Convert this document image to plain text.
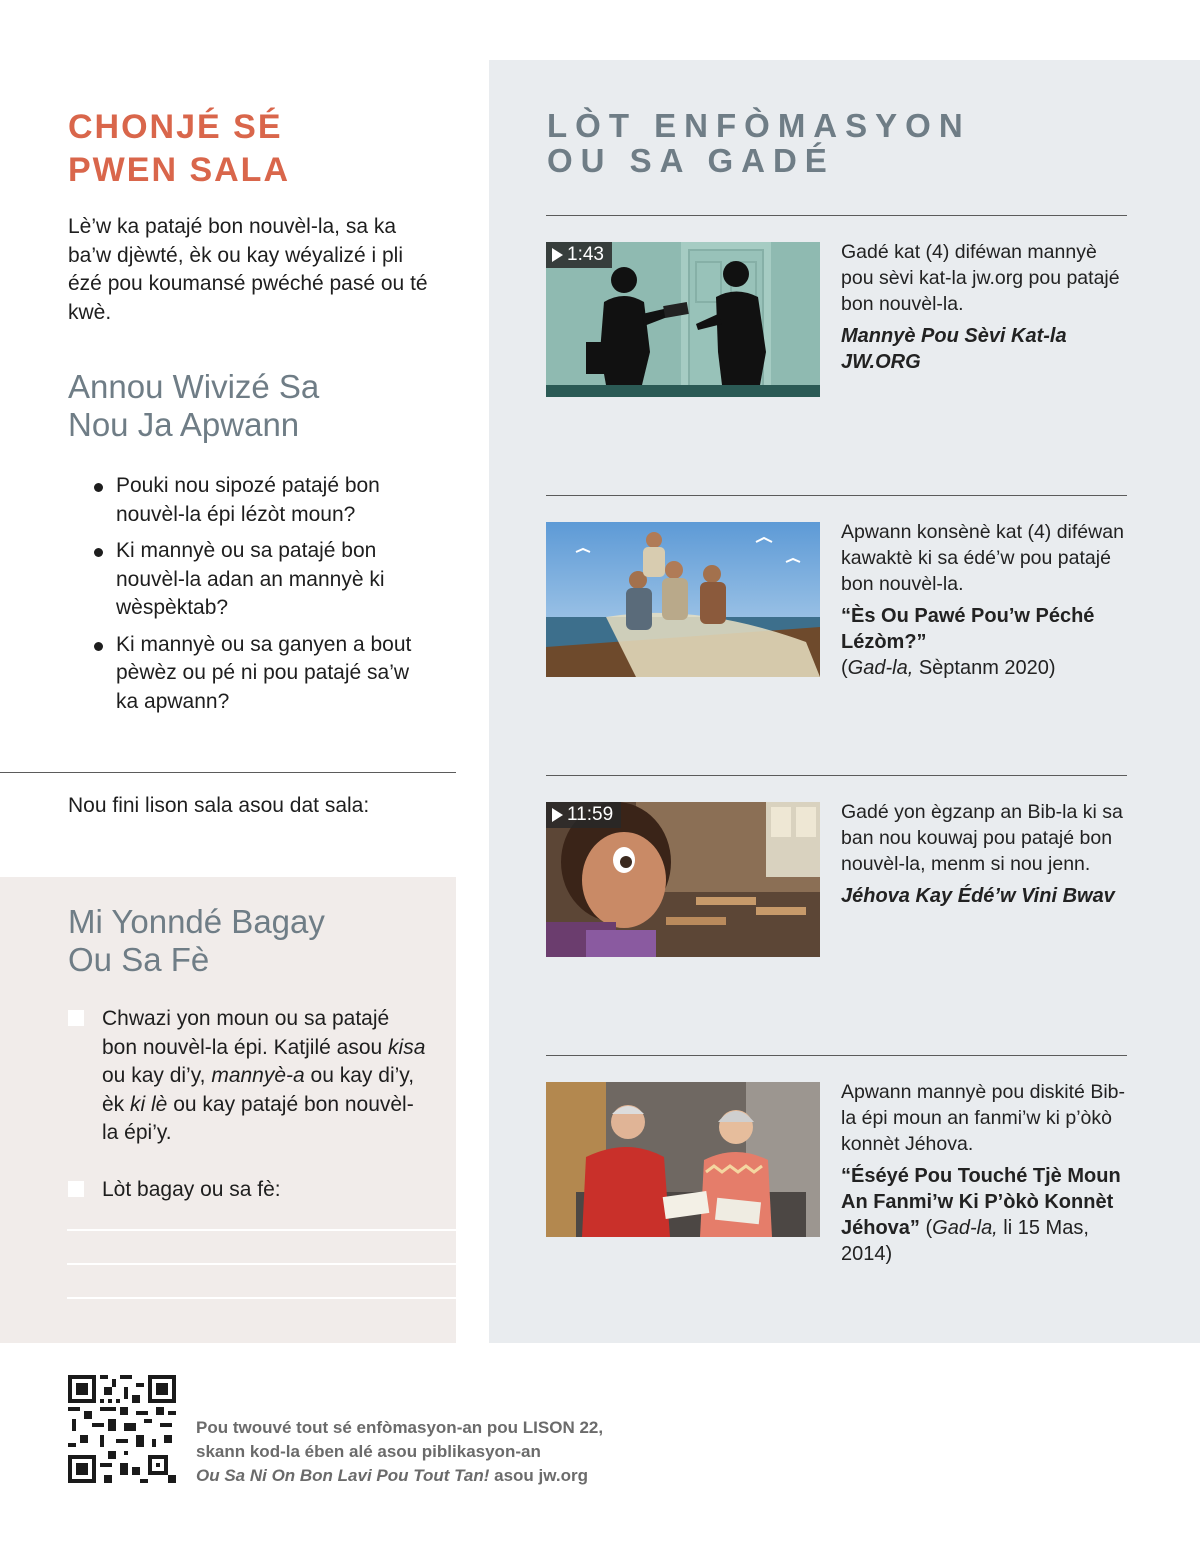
LÒT ENFÒMASYON
OU SA GADÉ
1:43	Gadé kat (4) diféwan mannyè pou sèvi kat-la jw.org pou patajé bon nouvèl-la.

Mannyè Pou Sèvi Kat-la JW.ORG

Apwann konsènè kat (4) diféwan kawaktè ki sa édé’w pou patajé bon nouvèl-la.

“Ès Ou Pawé Pou’w Péché Lézòm?”
(Gad-la, Sèptanm 2020)

11:59	Gadé yon ègzanp an Bib-la ki sa ban nou kouwaj pou patajé bon nouvèl-la, menm si nou jenn.

Jéhova Kay Édé’w Vini Bwav

Apwann mannyè pou diskité Bib-la épi moun an fanmi’w ki p’òkò konnèt Jéhova.

“Éséyé Pou Touché Tjè Moun An Fanmi’w Ki P’òkò Konnèt Jéhova” (Gad-la, li 15 Mas, 2014)

CHONJÉ SÉ
PWEN SALA

Lè’w ka patajé bon nouvèl-la, sa ka ba’w djèwté, èk ou kay wéyalizé i pli ézé pou koumansé pwéché pasé ou té kwè.

Annou Wivizé Sa
Nou Ja Apwann
Pouki nou sipozé patajé bon nouvèl-la épi lézòt moun?
Ki mannyè ou sa patajé bon nouvèl-la adan an mannyè ki wèspèktab?
Ki mannyè ou sa ganyen a bout pèwèz ou pé ni pou patajé sa’w ka apwann?
Nou fini lison sala asou dat sala:
Mi Yonndé Bagay
Ou Sa Fè
Chwazi yon moun ou sa patajé bon nouvèl-la épi. Katjilé asou kisa ou kay di’y, mannyè-a ou kay di’y, èk ki lè ou kay patajé bon nouvèl-la épi’y.
Lòt bagay ou sa fè:
Pou twouvé tout sé enfòmasyon-an pou LISON 22,
skann kod-la ében alé asou piblikasyon-an
Ou Sa Ni On Bon Lavi Pou Tout Tan! asou jw.org
